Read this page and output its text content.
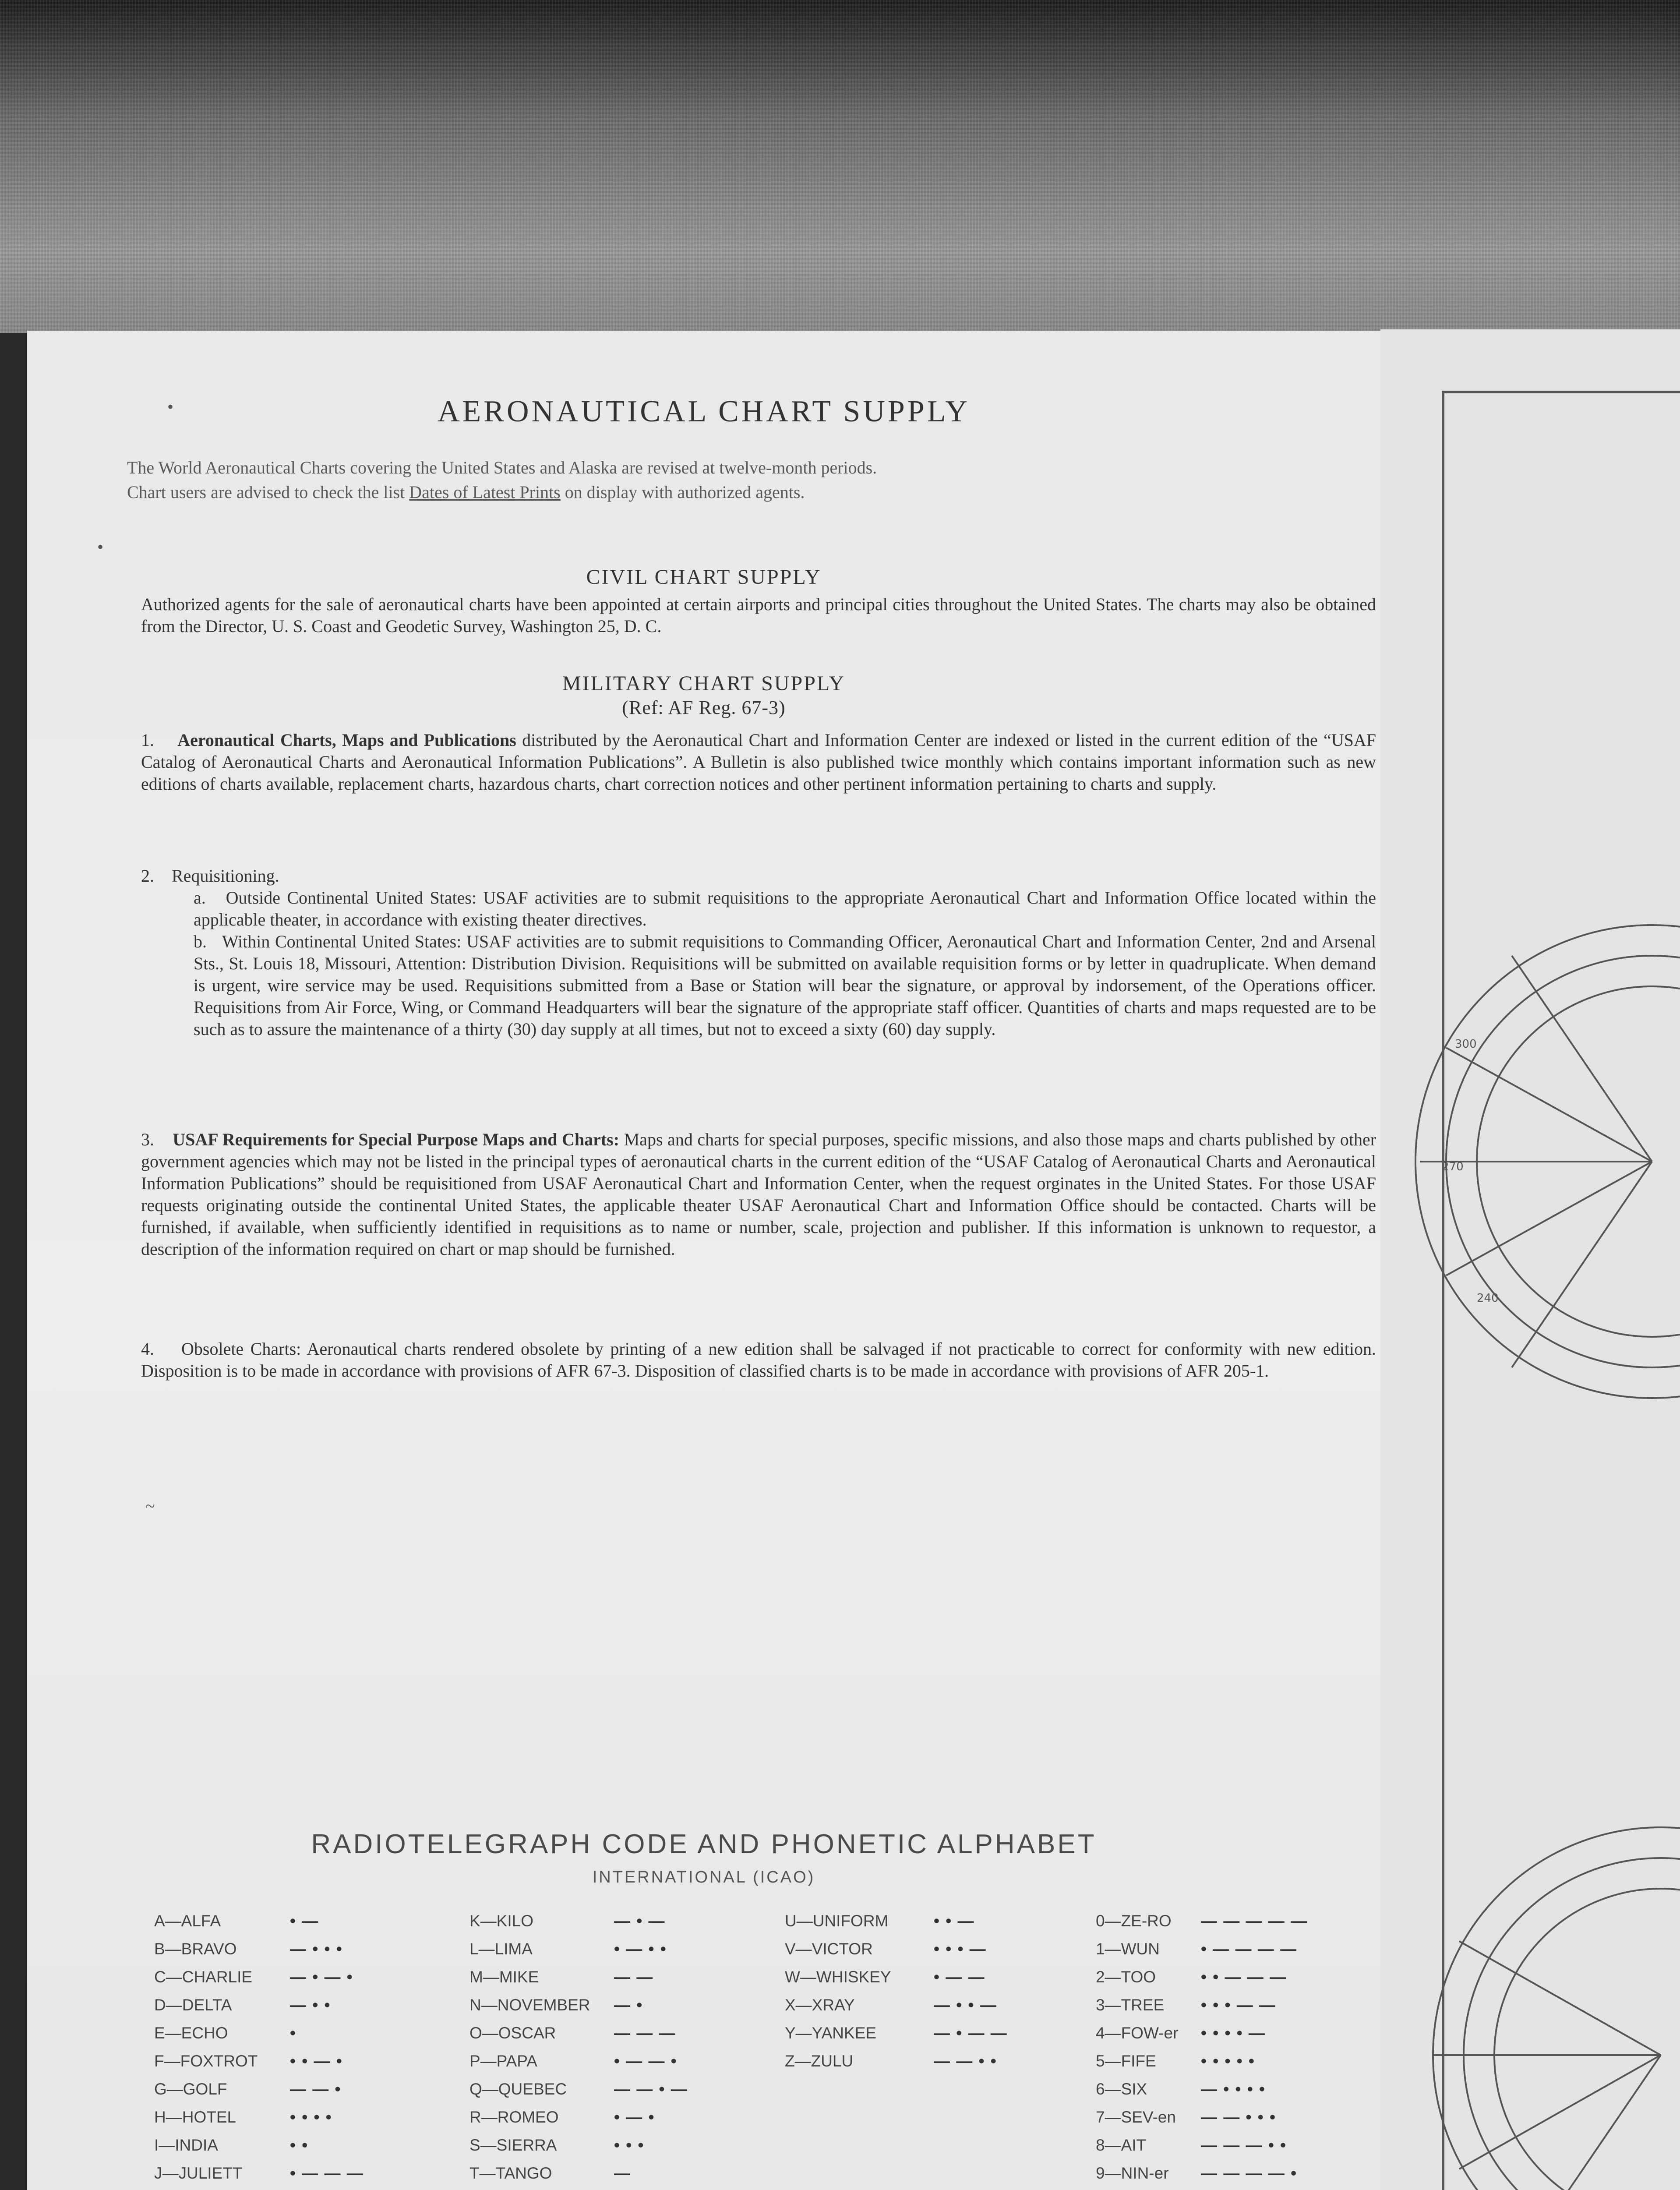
300
270
240
•
•
AERONAUTICAL CHART SUPPLY

The World Aeronautical Charts covering the United States and Alaska are revised at twelve-month periods.

Chart users are advised to check the list Dates of Latest Prints on display with authorized agents.

CIVIL CHART SUPPLY

Authorized agents for the sale of aeronautical charts have been appointed at certain airports and principal cities throughout the United States. The charts may also be obtained from the Director, U. S. Coast and Geodetic Survey, Washington 25, D. C.

MILITARY CHART SUPPLY
(Ref: AF Reg. 67-3)

1. Aeronautical Charts, Maps and Publications distributed by the Aeronautical Chart and Information Center are indexed or listed in the current edition of the “USAF Catalog of Aeronautical Charts and Aeronautical Information Publications”. A Bulletin is also published twice monthly which contains important information such as new editions of charts available, replacement charts, hazardous charts, chart correction notices and other pertinent information pertaining to charts and supply.

2. Requisitioning.

a. Outside Continental United States: USAF activities are to submit requisitions to the appropriate Aeronautical Chart and Information Office located within the applicable theater, in accordance with existing theater directives.

b. Within Continental United States: USAF activities are to submit requisitions to Commanding Officer, Aeronautical Chart and Information Center, 2nd and Arsenal Sts., St. Louis 18, Missouri, Attention: Distribution Division. Requisitions will be submitted on available requisition forms or by letter in quadruplicate. When demand is urgent, wire service may be used. Requisitions submitted from a Base or Station will bear the signature, or approval by indorsement, of the Operations officer. Requisitions from Air Force, Wing, or Command Headquarters will bear the signature of the appropriate staff officer. Quantities of charts and maps requested are to be such as to assure the maintenance of a thirty (30) day supply at all times, but not to exceed a sixty (60) day supply.

3. USAF Requirements for Special Purpose Maps and Charts: Maps and charts for special purposes, specific missions, and also those maps and charts published by other government agencies which may not be listed in the principal types of aeronautical charts in the current edition of the “USAF Catalog of Aeronautical Charts and Aeronautical Information Publications” should be requisitioned from USAF Aeronautical Chart and Information Center, when the request orginates in the United States. For those USAF requests originating outside the continental United States, the applicable theater USAF Aeronautical Chart and Information Office should be contacted. Charts will be furnished, if available, when sufficiently identified in requisitions as to name or number, scale, projection and publisher. If this information is unknown to requestor, a description of the information required on chart or map should be furnished.

4. Obsolete Charts: Aeronautical charts rendered obsolete by printing of a new edition shall be salvaged if not practicable to correct for conformity with new edition. Disposition is to be made in accordance with provisions of AFR 67-3. Disposition of classified charts is to be made in accordance with provisions of AFR 205-1.

~
RADIOTELEGRAPH CODE AND PHONETIC ALPHABET
INTERNATIONAL (ICAO)
A—ALFA	• —
B—BRAVO	— • • •
C—CHARLIE — • — •
D—DELTA	— • •
E—ECHO	•
F—FOXTROT • • — •
G—GOLF	— — •
H—HOTEL	• • • •
I—INDIA	• •
J—JULIETT	• — — —
K—KILO	— • —
L—LIMA	• — • •
M—MIKE	— —
N—NOVEMBER — •
O—OSCAR	— — —
P—PAPA	• — — •
Q—QUEBEC	— — • —
R—ROMEO	• — •
S—SIERRA	• • •
T—TANGO	—
U—UNIFORM	• • —
V—VICTOR	• • • —
W—WHISKEY	• — —
X—XRAY	— • • —
Y—YANKEE	— • — —
Z—ZULU	— — • •
0—ZE-RO — — — — —
1—WUN	• — — — —
2—TOO	• • — — —
3—TREE • • • — —
4—FOW-er • • • • —
5—FIFE	• • • • •
6—SIX	— • • • •
7—SEV-en — — • • •
8—AIT	— — — • •
9—NIN-er — — — — •
